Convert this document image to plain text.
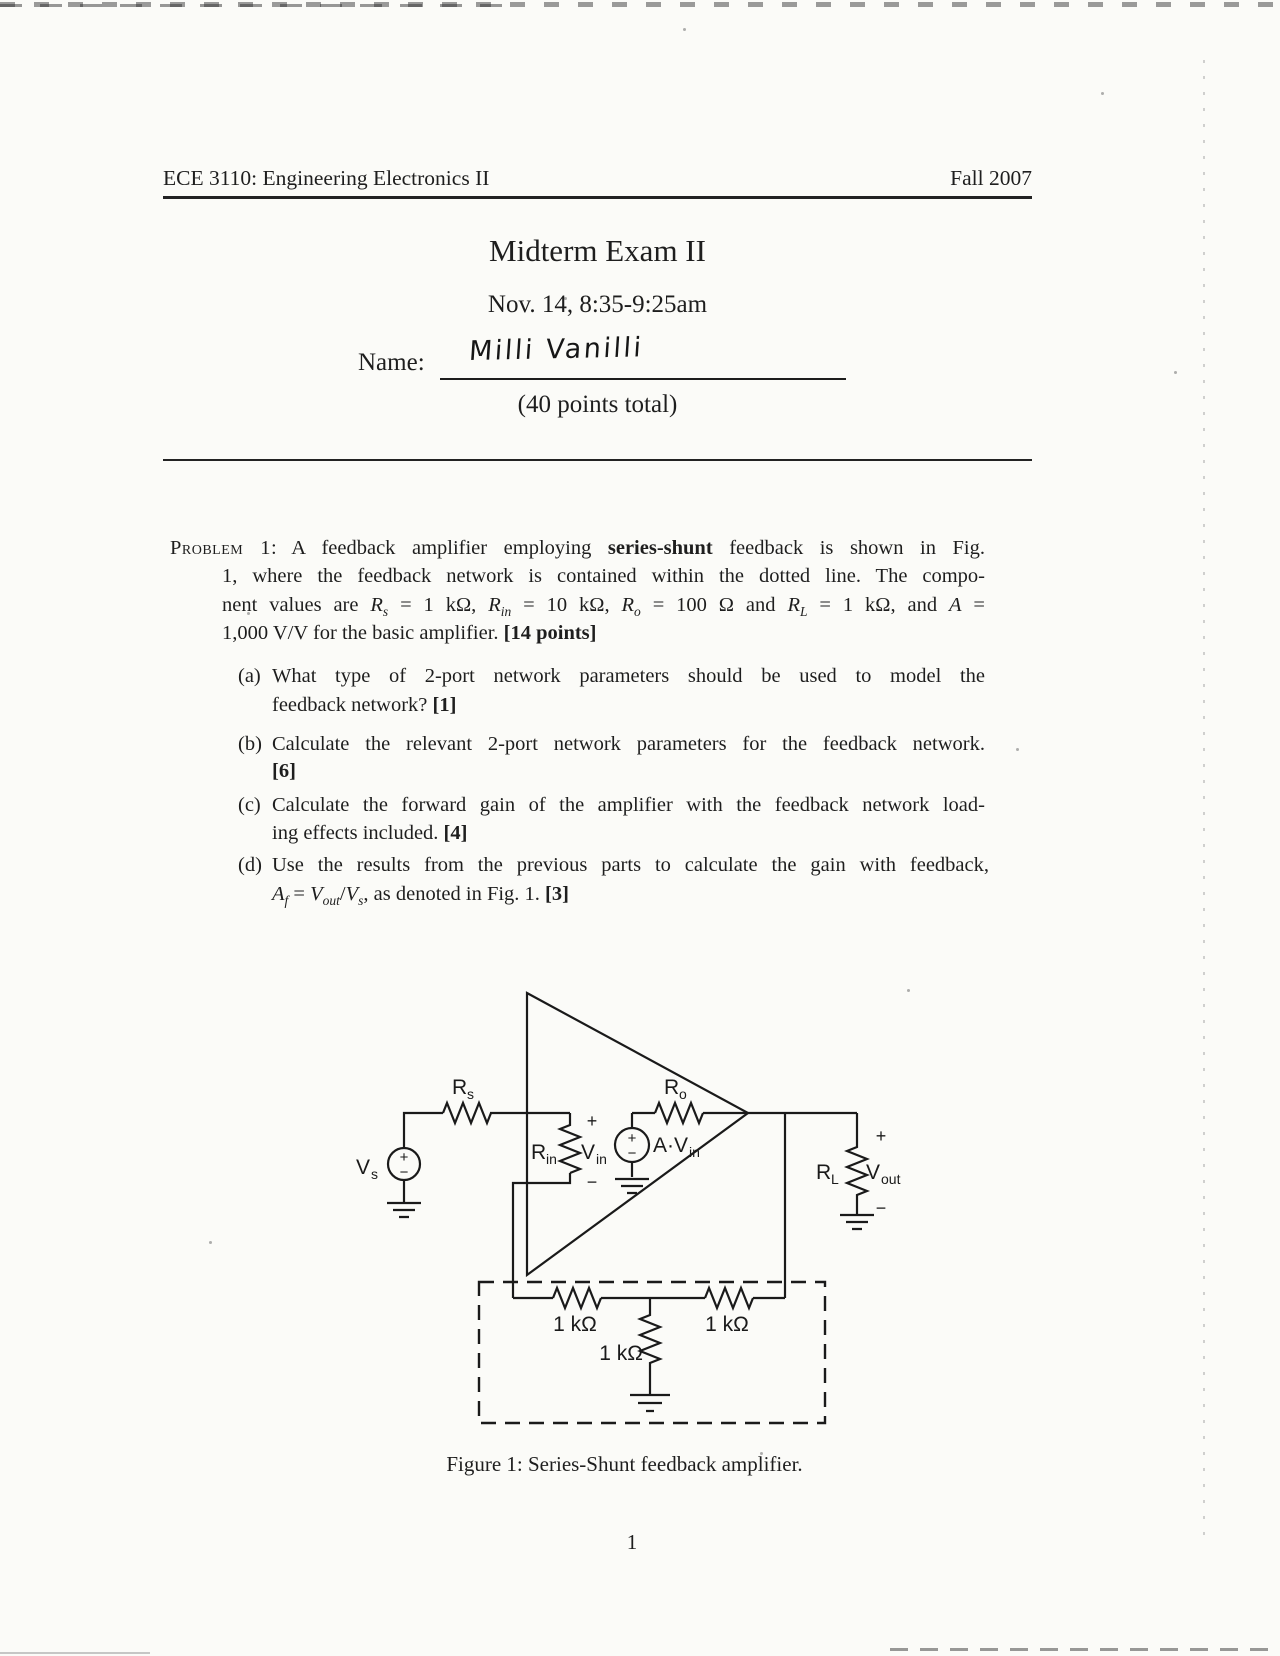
ECE 3110: Engineering Electronics II	Fall 2007
Midterm Exam II
Nov. 14, 8:35-9:25am
Name: Milli Vanilli
(40 points total)
Problem 1: A feedback amplifier employing series-shunt feedback is shown in Fig.
1, where the feedback network is contained within the dotted line. The compo-
nent values are $R_s = 1$ kΩ, $R_{in} = 10$ kΩ, $R_o = 100$ Ω and $R_L = 1$ kΩ, and A =
1,000 V/V for the basic amplifier. [14 points]
(a) What type of 2-port network parameters should be used to model the
feedback network? [1]
(b) Calculate the relevant 2-port network parameters for the feedback network.
[6]
(c) Calculate the forward gain of the amplifier with the feedback network load-
ing effects included. [4]
(d) Use the results from the previous parts to calculate the gain with feedback,
$A_f = V_{out}/V_s$, as denoted in Fig. 1. [3]
V s
+
−
R s
R in
+
V in
−
+
− A·V in
R o
R L
+
V out
−
1 kΩ	1 kΩ
1 kΩ
Figure 1: Series-Shunt feedback amplifier.
1
